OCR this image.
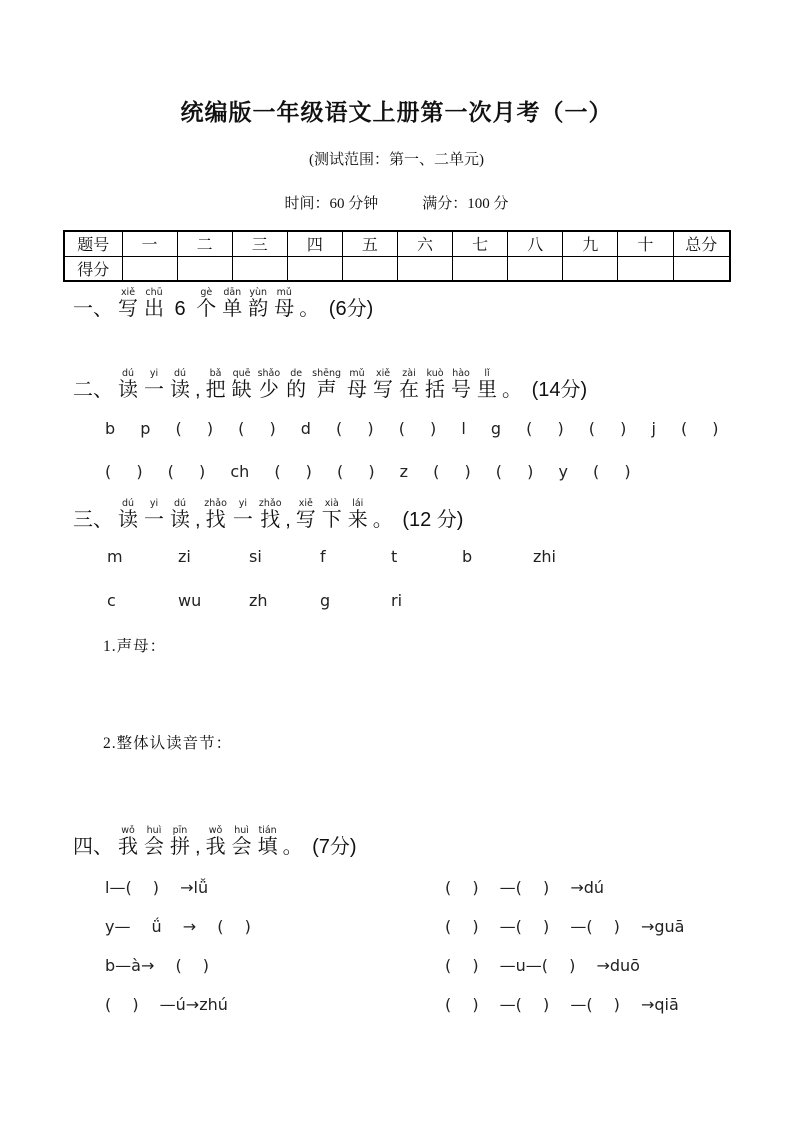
统编版一年级语文上册第一次月考（一）
(测试范围：第一、二单元)
时间：60 分钟	满分：100 分
题号	一	二	三	四	五	六	七	八	九	十	总分
得分											
一、 写xiě出chū 6 个gè单dān韵yùn母mǔ。 (6分)
二、 读dú一yi读dú, 把bǎ缺quē少shǎo的de声shēng母mǔ写xiě在zài括kuò号hào里lǐ。 (14分)
b p ( ) ( ) d ( ) ( ) l g ( ) ( ) j ( )
( ) ( ) ch ( ) ( ) z ( ) ( ) y ( )
三、 读dú一yi读dú, 找zhǎo一yi找zhǎo, 写xiě下xià来lái。 (12 分)
m	zi	si	f	t	b	zhi
c	wu	zh	g	ri
1.声母：
2.整体认读音节：
四、 我wǒ会huì拼pīn, 我wǒ会huì填tián。 (7分)
l—( ) →lǚ	( ) —( ) →dú
y— ǘ → ( )	( ) —( ) —( ) →guā
b—à→ ( )	( ) —u—( ) →duō
( ) —ú→zhú	( ) —( ) —( ) →qiā
